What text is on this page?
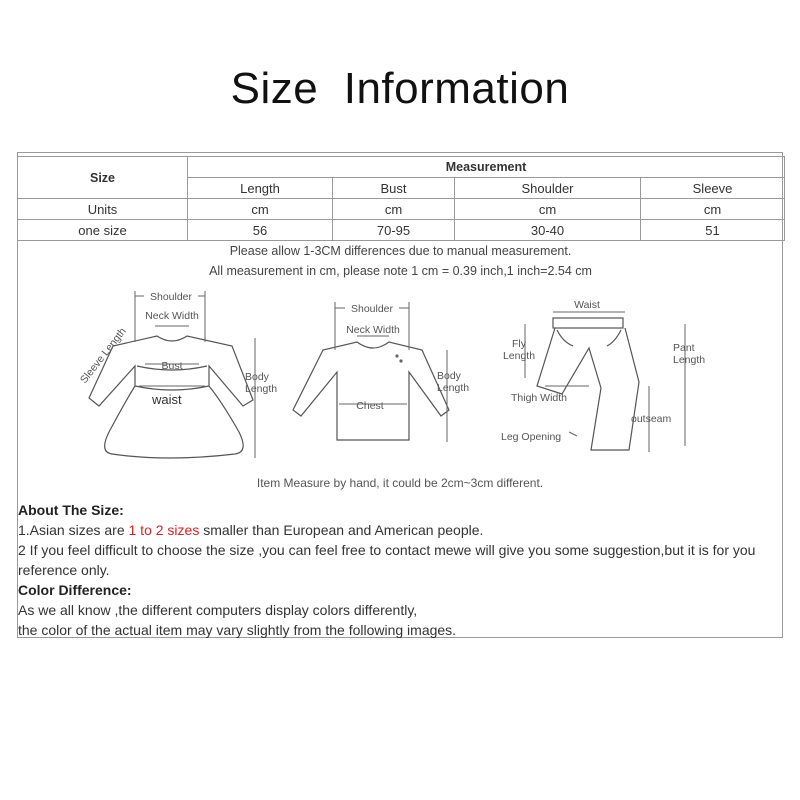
Size  Information
Size	Measurement			
	Length	Bust	Shoulder	Sleeve
Units	cm	cm	cm	cm
one size	56	70-95	30-40	51
Please allow 1-3CM differences due to manual measurement.
All measurement in cm, please note 1 cm = 0.39 inch,1 inch=2.54 cm
Shoulder
Neck Width
Sleeve Length	Bust
waist
Body
Length
Shoulder
Neck Width
Chest
Body
Length
Waist
Fly
Length
Pant
Length
Thigh Width
outseam
Leg Opening
Item Measure by hand, it could be 2cm~3cm different.
About The Size:
1.Asian sizes are 1 to 2 sizes smaller than European and American people.
2 If you feel difficult to choose the size ,you can feel free to contact mewe will give you some suggestion,but it is for you reference only.
Color Difference:
As we all know ,the different computers display colors differently,
the color of the actual item may vary slightly from the following images.
